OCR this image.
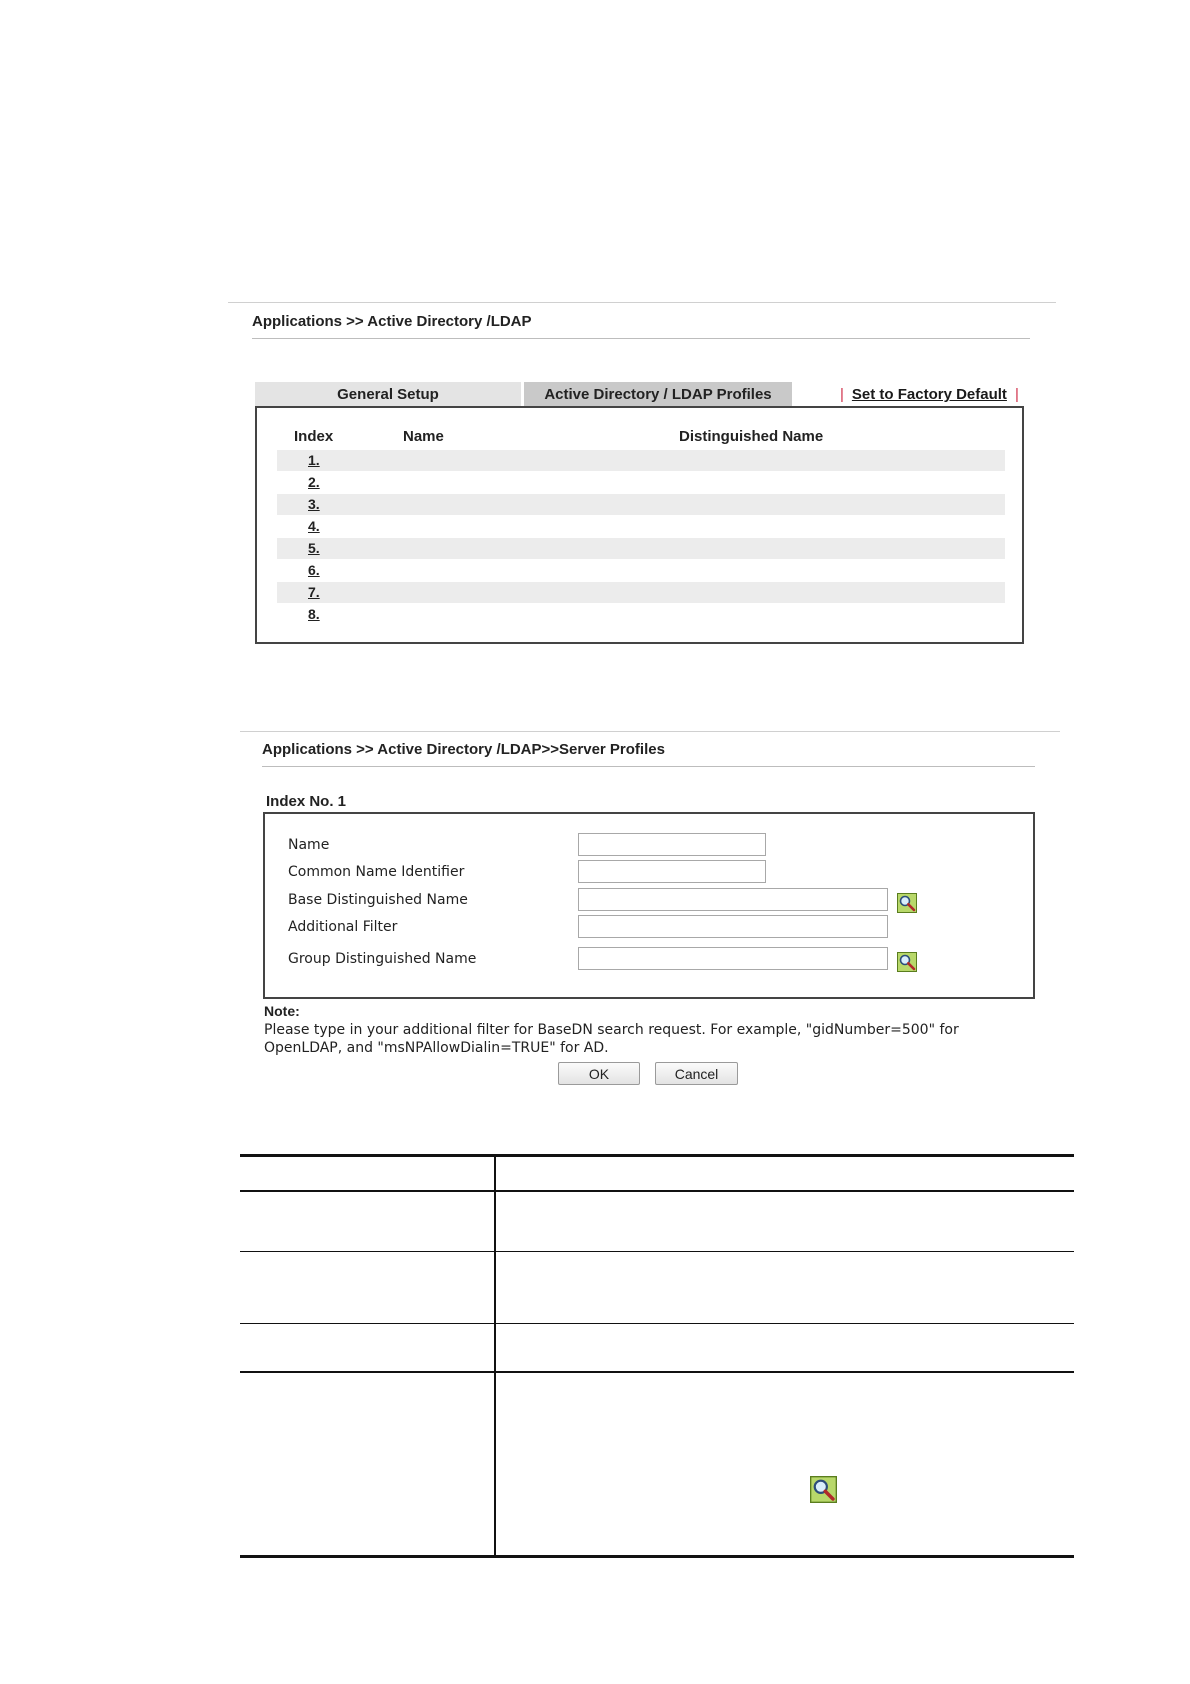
Applications >> Active Directory /LDAP
General Setup	Active Directory / LDAP Profiles	| Set to Factory Default |
Index	Name	Distinguished Name
1.
2.
3.
4.
5.
6.
7.
8.
Applications >> Active Directory /LDAP>>Server Profiles
Index No. 1
Name
Common Name Identifier
Base Distinguished Name
Additional Filter
Group Distinguished Name
Note:
Please type in your additional filter for BaseDN search request. For example, "gidNumber=500" for OpenLDAP, and "msNPAllowDialin=TRUE" for AD.
OK	Cancel
